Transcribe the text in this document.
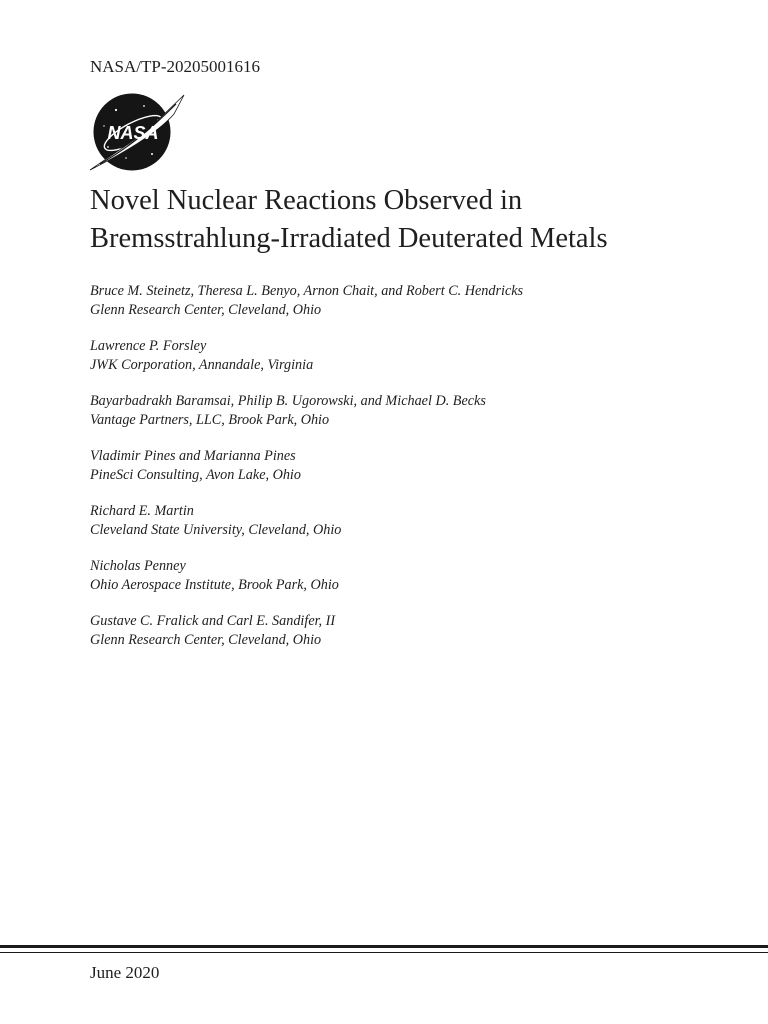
NASA/TP-20205001616
NASA
Novel Nuclear Reactions Observed in
Bremsstrahlung-Irradiated Deuterated Metals
Bruce M. Steinetz, Theresa L. Benyo, Arnon Chait, and Robert C. Hendricks
Glenn Research Center, Cleveland, Ohio
Lawrence P. Forsley
JWK Corporation, Annandale, Virginia
Bayarbadrakh Baramsai, Philip B. Ugorowski, and Michael D. Becks
Vantage Partners, LLC, Brook Park, Ohio
Vladimir Pines and Marianna Pines
PineSci Consulting, Avon Lake, Ohio
Richard E. Martin
Cleveland State University, Cleveland, Ohio
Nicholas Penney
Ohio Aerospace Institute, Brook Park, Ohio
Gustave C. Fralick and Carl E. Sandifer, II
Glenn Research Center, Cleveland, Ohio
June 2020
